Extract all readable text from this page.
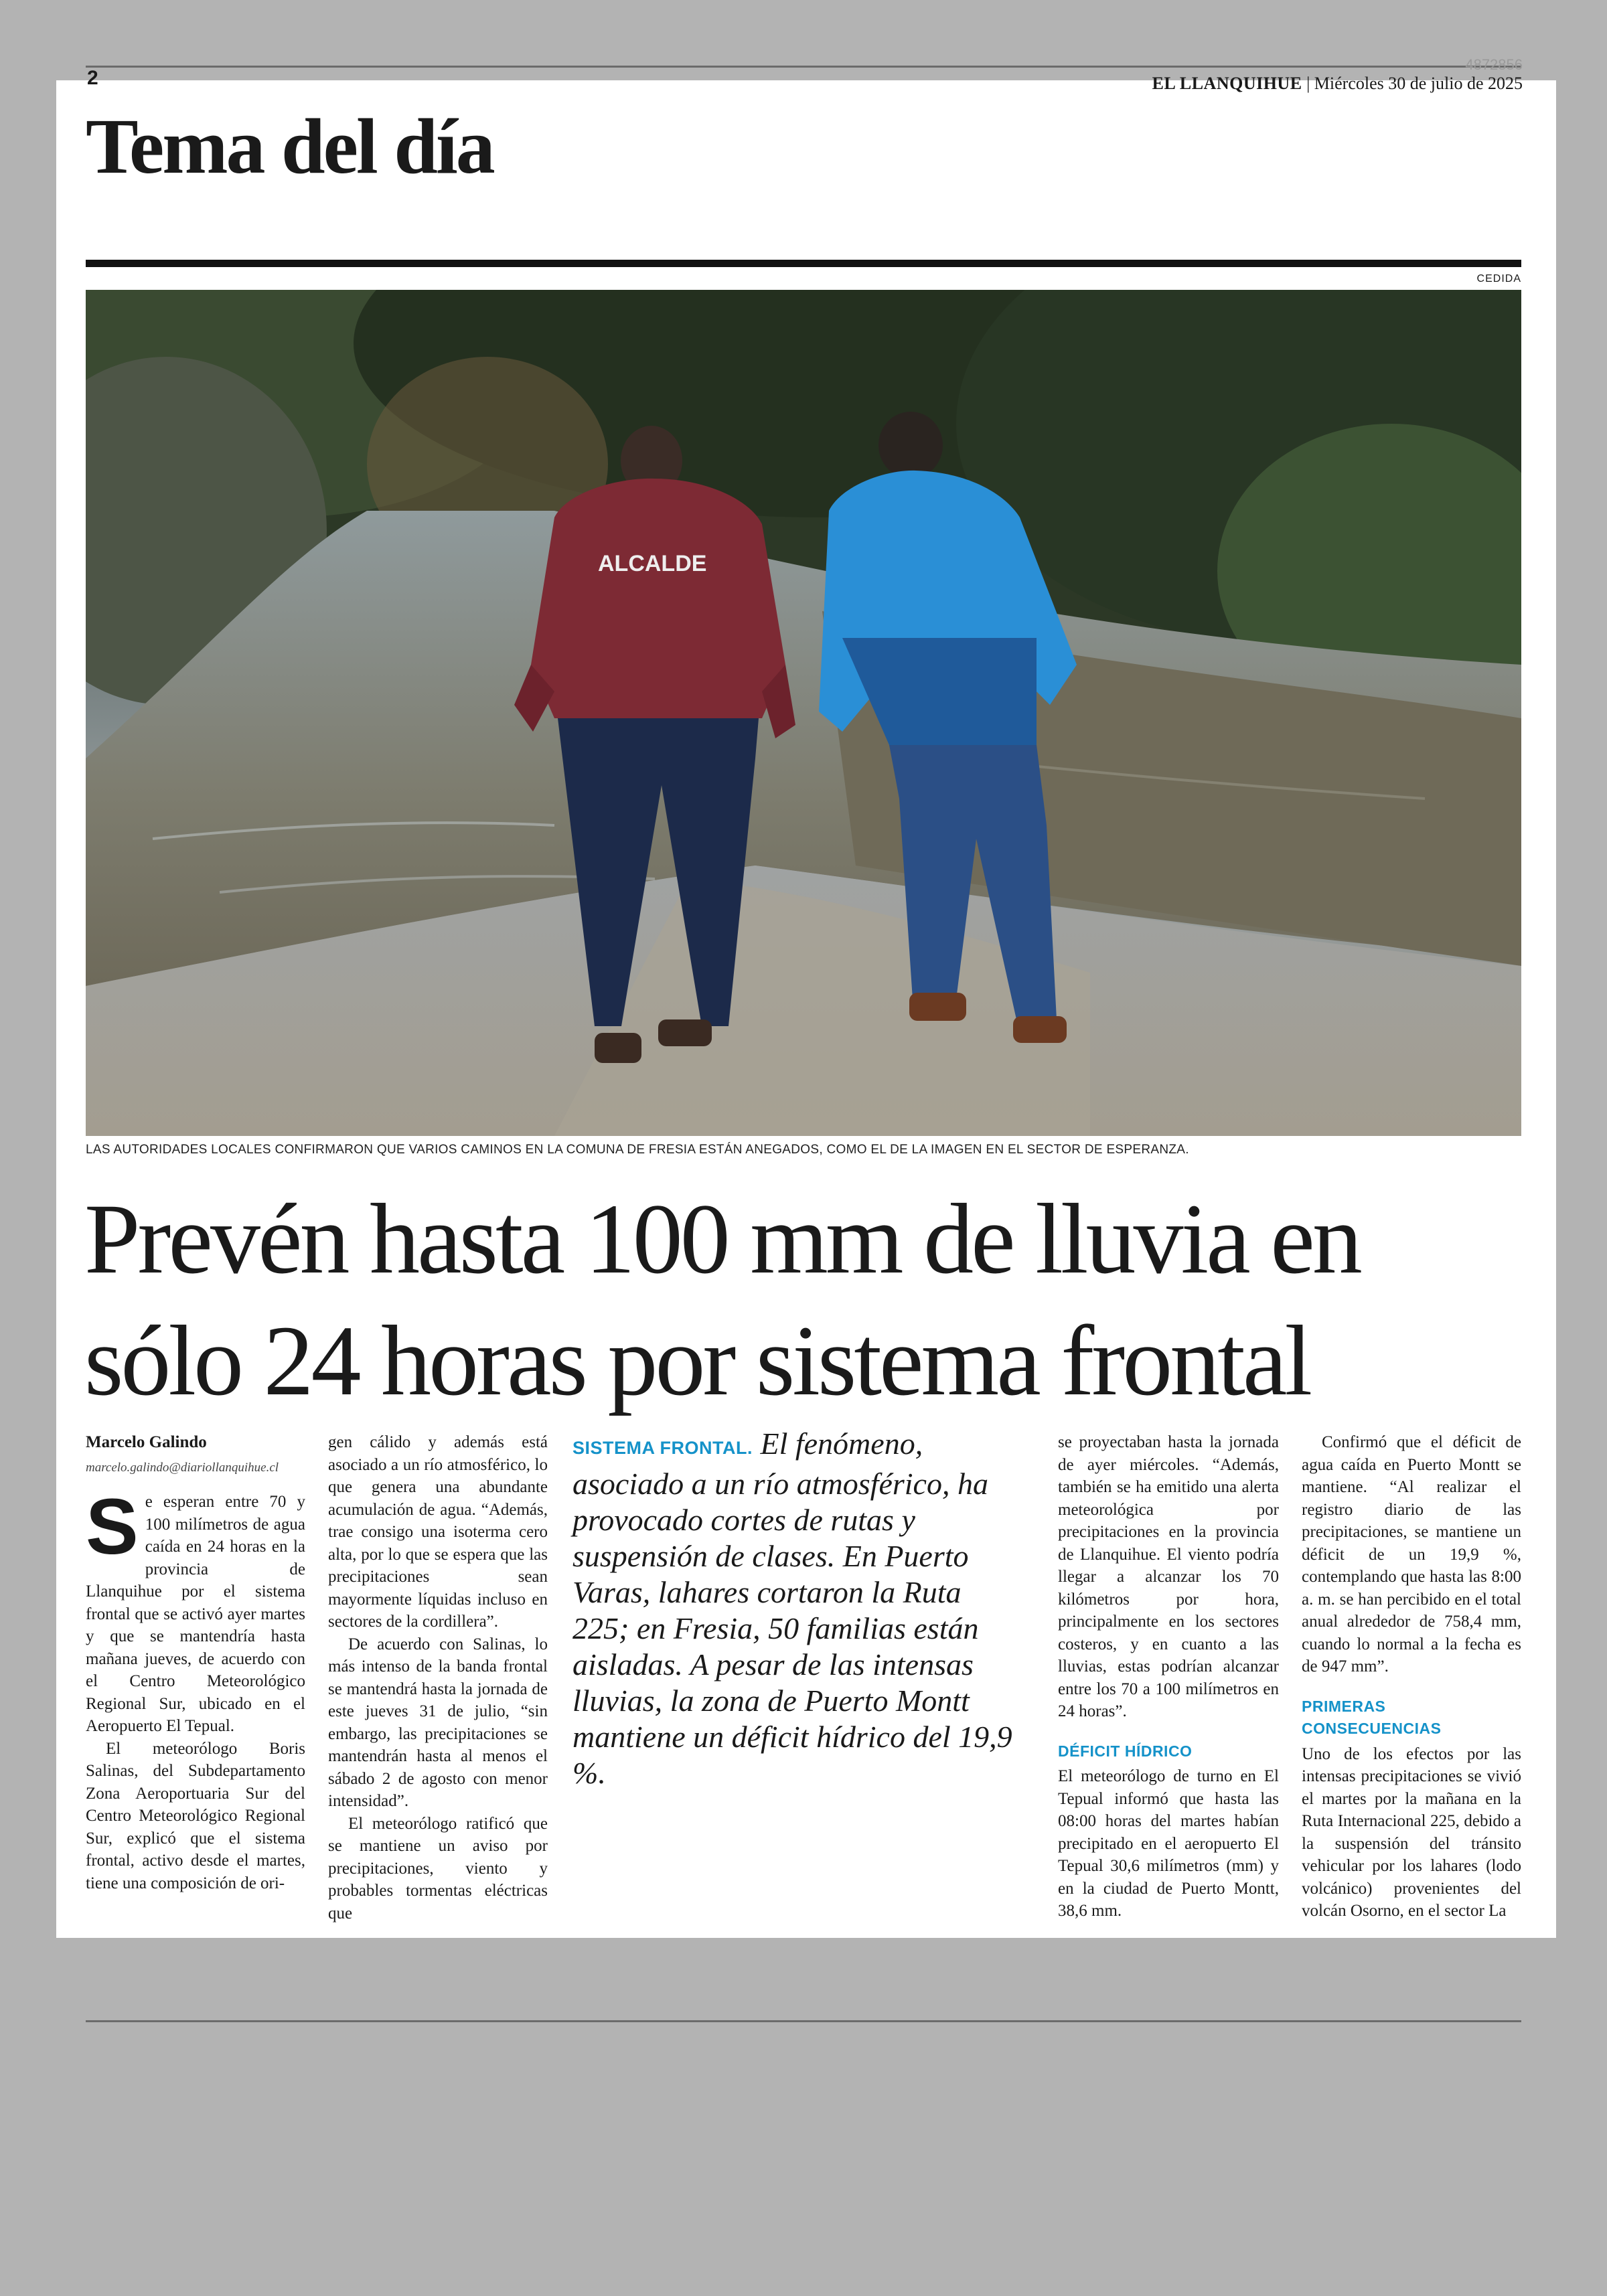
2
4872856
EL LLANQUIHUE | Miércoles 30 de julio de 2025
Tema del día
CEDIDA
ALCALDE
LAS AUTORIDADES LOCALES CONFIRMARON QUE VARIOS CAMINOS EN LA COMUNA DE FRESIA ESTÁN ANEGADOS, COMO EL DE LA IMAGEN EN EL SECTOR DE ESPERANZA.
Prevén hasta 100 mm de lluvia en
sólo 24 horas por sistema frontal
Marcelo Galindo
marcelo.galindo@diariollanquihue.cl

Se esperan entre 70 y 100 milímetros de agua caída en 24 horas en la provincia de Llanquihue por el sistema frontal que se activó ayer martes y que se mantendría hasta mañana jueves, de acuerdo con el Centro Meteorológico Regional Sur, ubicado en el Aeropuerto El Tepual.

El meteorólogo Boris Salinas, del Subdepartamento Zona Aeroportuaria Sur del Centro Meteorológico Regional Sur, explicó que el sistema frontal, activo desde el martes, tiene una composición de ori-

gen cálido y además está asociado a un río atmosférico, lo que genera una abundante acumulación de agua. “Además, trae consigo una isoterma cero alta, por lo que se espera que las precipitaciones sean mayormente líquidas incluso en sectores de la cordillera”.

De acuerdo con Salinas, lo más intenso de la banda frontal se mantendrá hasta la jornada de este jueves 31 de julio, “sin embargo, las precipitaciones se mantendrán hasta al menos el sábado 2 de agosto con menor intensidad”.

El meteorólogo ratificó que se mantiene un aviso por precipitaciones, viento y probables tormentas eléctricas que

SISTEMA FRONTAL. El fenómeno, asociado a un río atmosférico, ha provocado cortes de rutas y suspensión de clases. En Puerto Varas, lahares cortaron la Ruta 225; en Fresia, 50 familias están aisladas. A pesar de las intensas lluvias, la zona de Puerto Montt mantiene un déficit hídrico del 19,9 %.

se proyectaban hasta la jornada de ayer miércoles. “Además, también se ha emitido una alerta meteorológica por precipitaciones en la provincia de Llanquihue. El viento podría llegar a alcanzar los 70 kilómetros por hora, principalmente en los sectores costeros, y en cuanto a las lluvias, estas podrían alcanzar entre los 70 a 100 milímetros en 24 horas”.

DÉFICIT HÍDRICO

El meteorólogo de turno en El Tepual informó que hasta las 08:00 horas del martes habían precipitado en el aeropuerto El Tepual 30,6 milímetros (mm) y en la ciudad de Puerto Montt, 38,6 mm.

Confirmó que el déficit de agua caída en Puerto Montt se mantiene. “Al realizar el registro diario de las precipitaciones, se mantiene un déficit de un 19,9 %, contemplando que hasta las 8:00 a. m. se han percibido en el total anual alrededor de 758,4 mm, cuando lo normal a la fecha es de 947 mm”.

PRIMERAS CONSECUENCIAS

Uno de los efectos por las intensas precipitaciones se vivió el martes por la mañana en la Ruta Internacional 225, debido a la suspensión del tránsito vehicular por los lahares (lodo volcánico) provenientes del volcán Osorno, en el sector La
